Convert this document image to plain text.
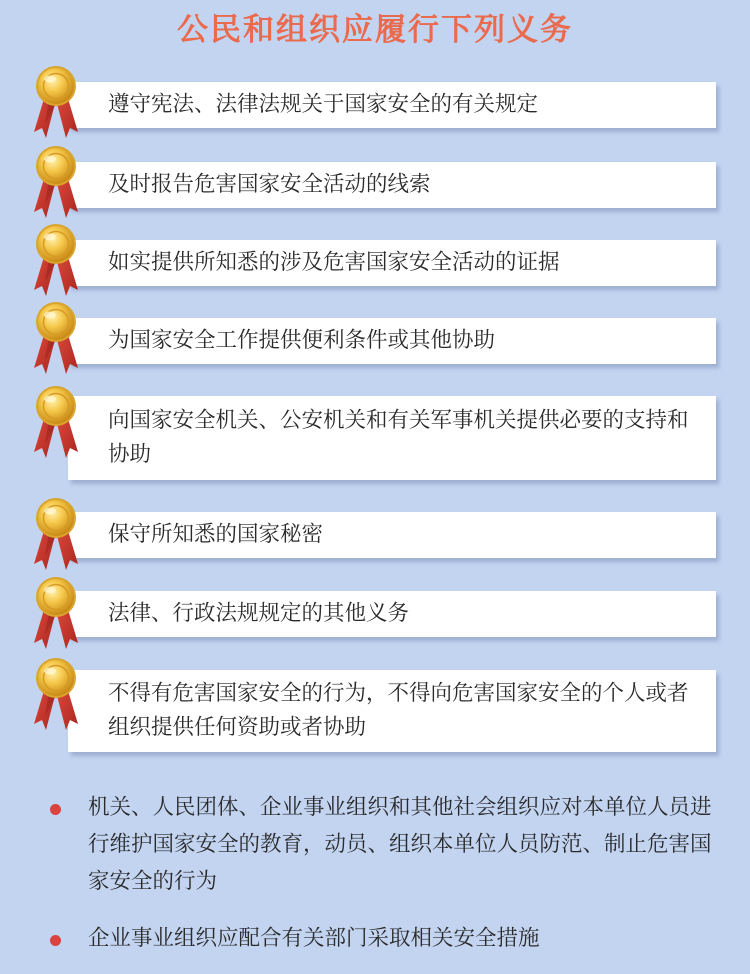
公民和组织应履行下列义务
遵守宪法、法律法规关于国家安全的有关规定
及时报告危害国家安全活动的线索
如实提供所知悉的涉及危害国家安全活动的证据
为国家安全工作提供便利条件或其他协助
向国家安全机关、公安机关和有关军事机关提供必要的支持和协助
保守所知悉的国家秘密
法律、行政法规规定的其他义务
不得有危害国家安全的行为，不得向危害国家安全的个人或者组织提供任何资助或者协助
机关、人民团体、企业事业组织和其他社会组织应对本单位人员进行维护国家安全的教育，动员、组织本单位人员防范、制止危害国家安全的行为
企业事业组织应配合有关部门采取相关安全措施
